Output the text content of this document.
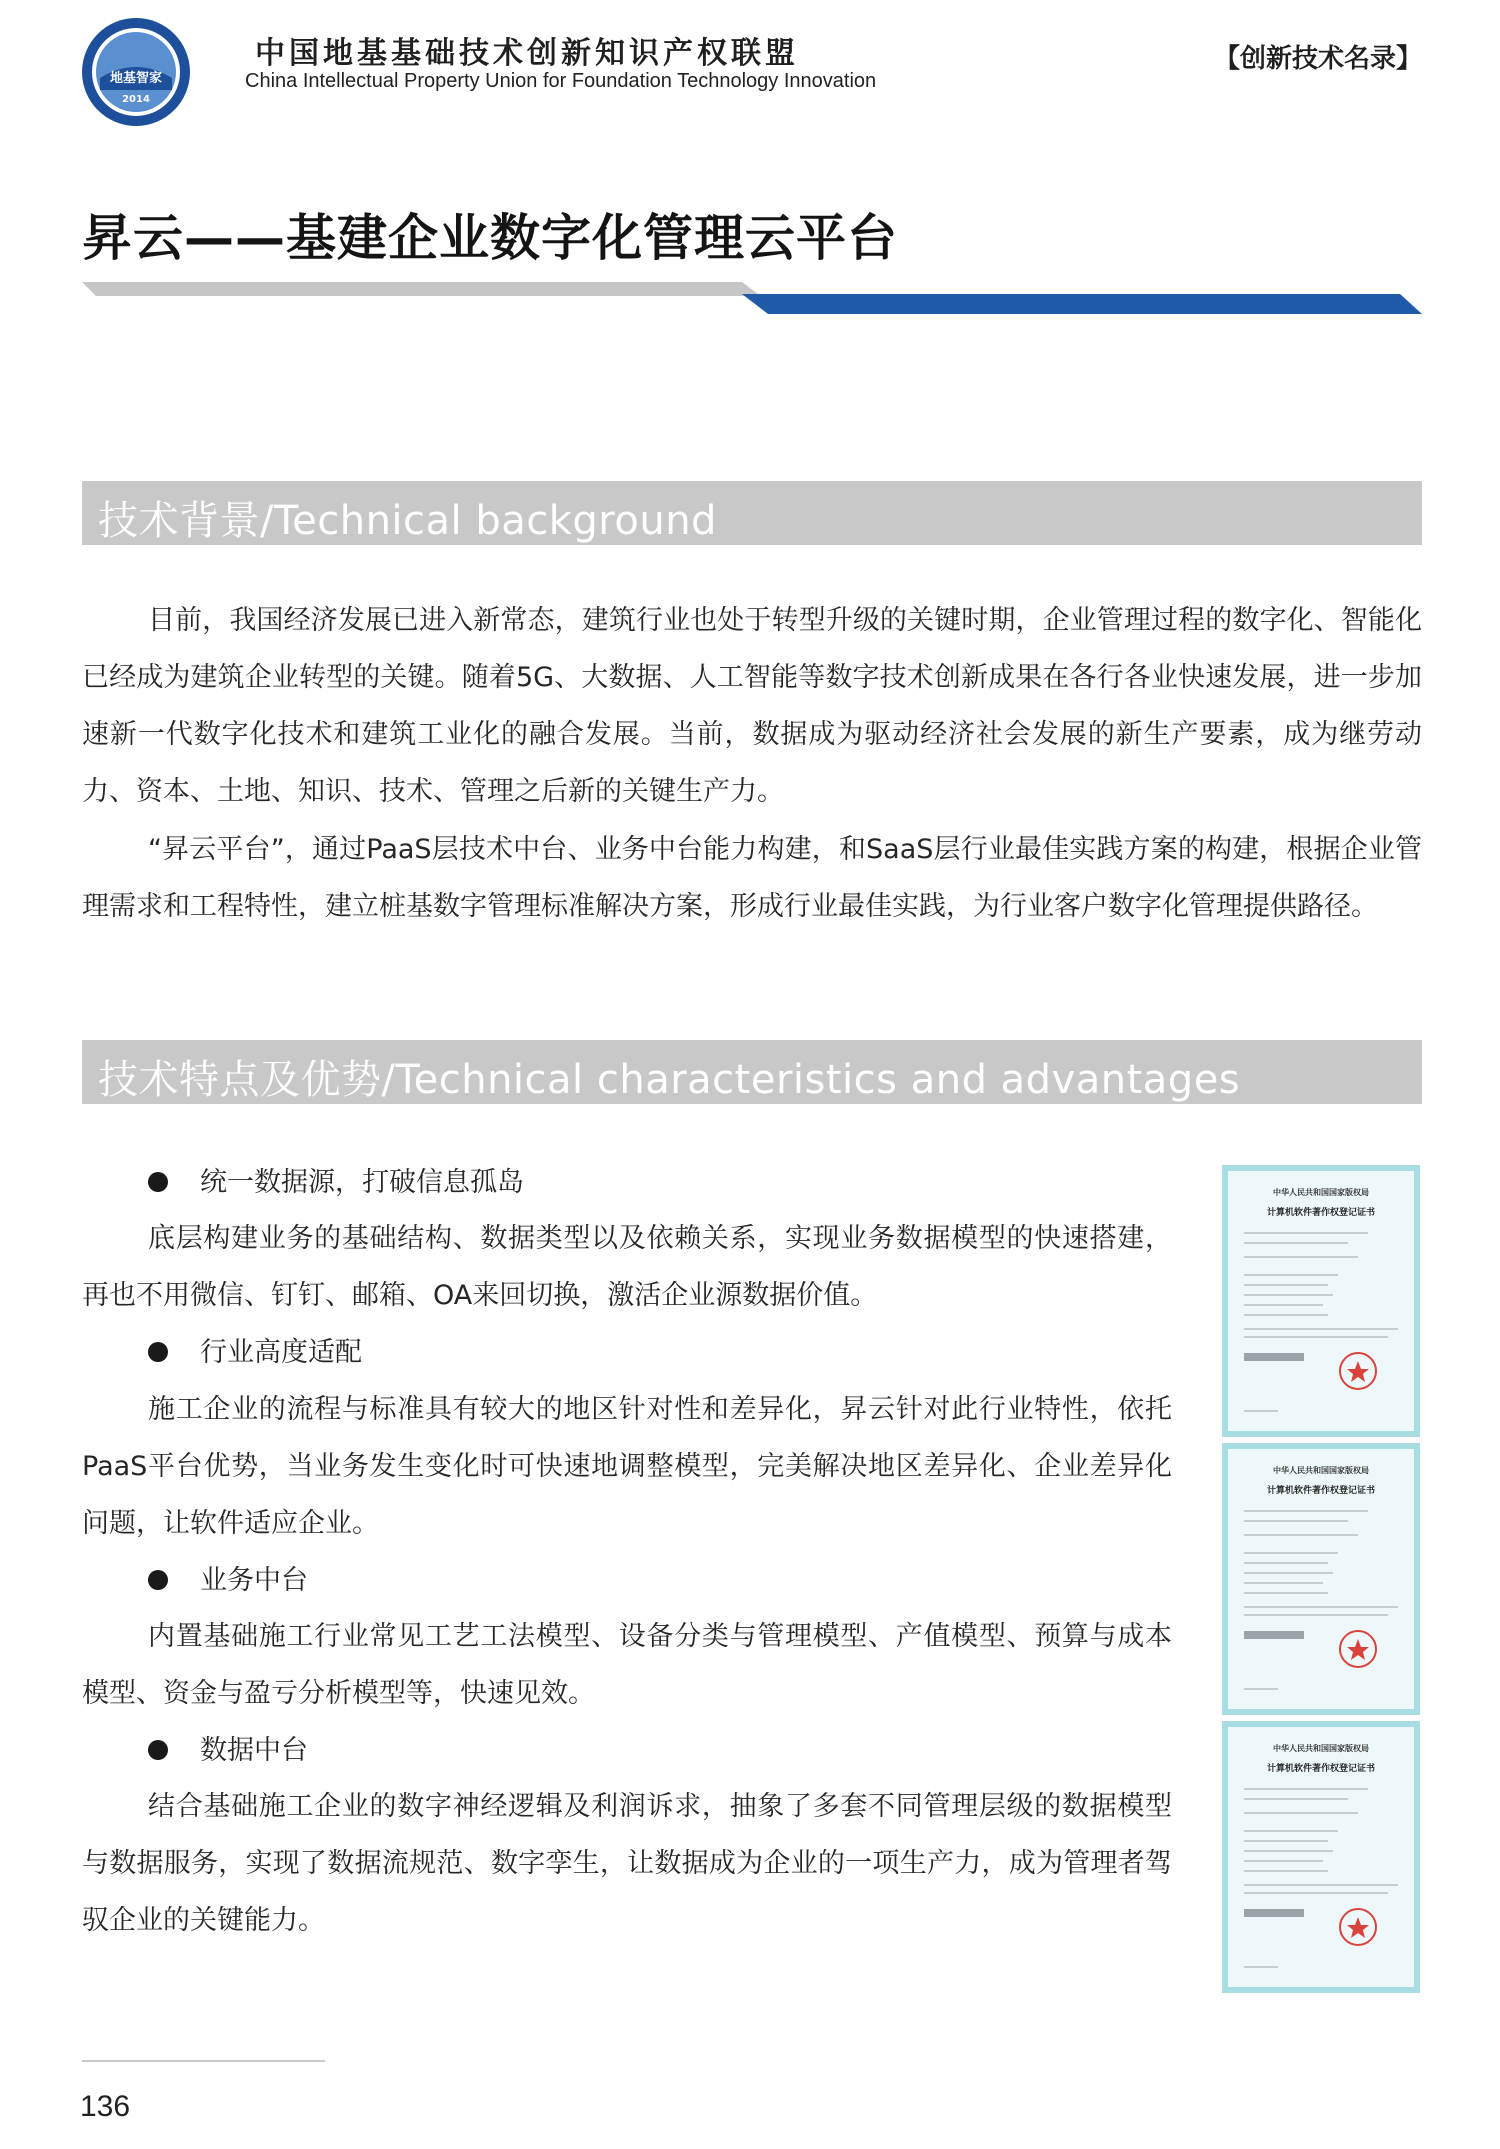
地基智家
2014
中国地基基础技术创新知识产权联盟
China Intellectual Property Union for Foundation Technology Innovation
【创新技术名录】
昇云——基建企业数字化管理云平台
技术背景/Technical background

目前，我国经济发展已进入新常态，建筑行业也处于转型升级的关键时期，企业管理过程的数字化、智能化已经成为建筑企业转型的关键。随着5G、大数据、人工智能等数字技术创新成果在各行各业快速发展，进一步加速新一代数字化技术和建筑工业化的融合发展。当前，数据成为驱动经济社会发展的新生产要素，成为继劳动力、资本、土地、知识、技术、管理之后新的关键生产力。

“昇云平台”，通过PaaS层技术中台、业务中台能力构建，和SaaS层行业最佳实践方案的构建，根据企业管理需求和工程特性，建立桩基数字管理标准解决方案，形成行业最佳实践，为行业客户数字化管理提供路径。

技术特点及优势/Technical characteristics and advantages
统一数据源，打破信息孤岛

底层构建业务的基础结构、数据类型以及依赖关系，实现业务数据模型的快速搭建，再也不用微信、钉钉、邮箱、OA来回切换，激活企业源数据价值。

行业高度适配

施工企业的流程与标准具有较大的地区针对性和差异化，昇云针对此行业特性，依托PaaS平台优势，当业务发生变化时可快速地调整模型，完美解决地区差异化、企业差异化问题，让软件适应企业。

业务中台

内置基础施工行业常见工艺工法模型、设备分类与管理模型、产值模型、预算与成本模型、资金与盈亏分析模型等，快速见效。

数据中台

结合基础施工企业的数字神经逻辑及利润诉求，抽象了多套不同管理层级的数据模型与数据服务，实现了数据流规范、数字孪生，让数据成为企业的一项生产力，成为管理者驾驭企业的关键能力。

中华人民共和国国家版权局
计算机软件著作权登记证书
中华人民共和国国家版权局
计算机软件著作权登记证书
中华人民共和国国家版权局
计算机软件著作权登记证书
136
